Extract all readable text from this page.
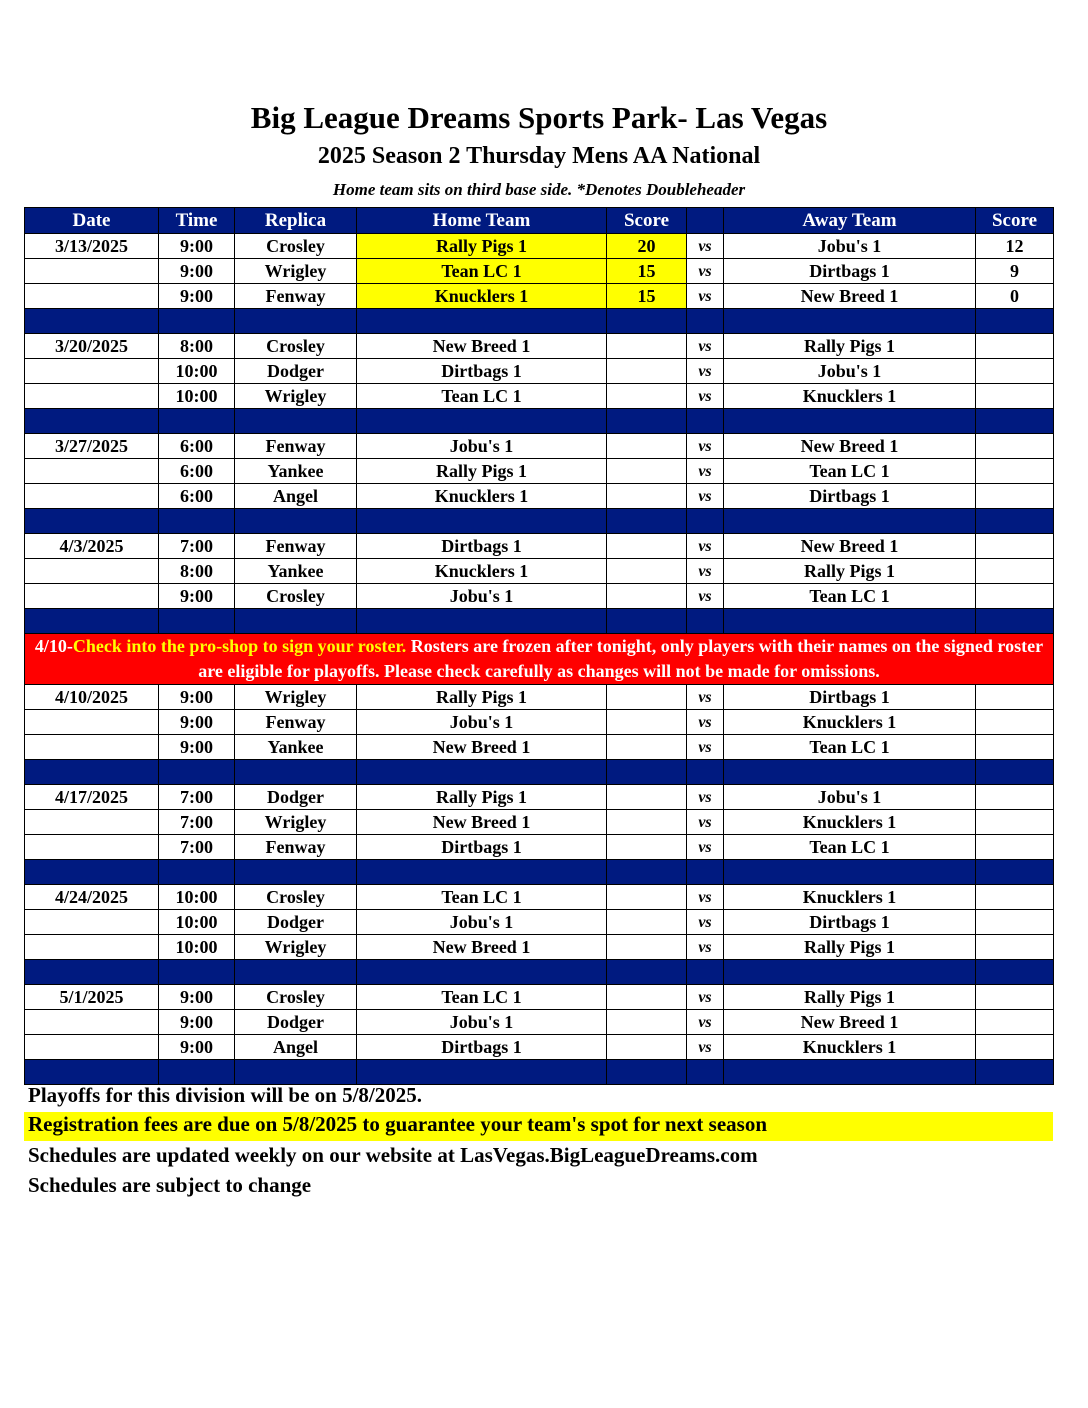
Big League Dreams Sports Park- Las Vegas
2025 Season 2 Thursday Mens AA National
Home team sits on third base side. *Denotes Doubleheader
Date	Time	Replica	Home Team	Score		Away Team	Score
3/13/2025	9:00	Crosley	Rally Pigs 1	20	vs	Jobu's 1	12
	9:00	Wrigley	Tean LC 1	15	vs	Dirtbags 1	9
	9:00	Fenway	Knucklers 1	15	vs	New Breed 1	0

3/20/2025	8:00	Crosley	New Breed 1		vs	Rally Pigs 1	
	10:00	Dodger	Dirtbags 1		vs	Jobu's 1	
	10:00	Wrigley	Tean LC 1		vs	Knucklers 1	

3/27/2025	6:00	Fenway	Jobu's 1		vs	New Breed 1	
	6:00	Yankee	Rally Pigs 1		vs	Tean LC 1	
	6:00	Angel	Knucklers 1		vs	Dirtbags 1	

4/3/2025	7:00	Fenway	Dirtbags 1		vs	New Breed 1	
	8:00	Yankee	Knucklers 1		vs	Rally Pigs 1	
	9:00	Crosley	Jobu's 1		vs	Tean LC 1	

4/10-Check into the pro-shop to sign your roster. Rosters are frozen after tonight, only players with their names on the signed roster are eligible for playoffs. Please check carefully as changes will not be made for omissions.							
4/10/2025	9:00	Wrigley	Rally Pigs 1		vs	Dirtbags 1	
	9:00	Fenway	Jobu's 1		vs	Knucklers 1	
	9:00	Yankee	New Breed 1		vs	Tean LC 1	

4/17/2025	7:00	Dodger	Rally Pigs 1		vs	Jobu's 1	
	7:00	Wrigley	New Breed 1		vs	Knucklers 1	
	7:00	Fenway	Dirtbags 1		vs	Tean LC 1	

4/24/2025	10:00	Crosley	Tean LC 1		vs	Knucklers 1	
	10:00	Dodger	Jobu's 1		vs	Dirtbags 1	
	10:00	Wrigley	New Breed 1		vs	Rally Pigs 1	

5/1/2025	9:00	Crosley	Tean LC 1		vs	Rally Pigs 1	
	9:00	Dodger	Jobu's 1		vs	New Breed 1	
	9:00	Angel	Dirtbags 1		vs	Knucklers 1	

Playoffs for this division will be on 5/8/2025.
Registration fees are due on 5/8/2025 to guarantee your team's spot for next season
Schedules are updated weekly on our website at LasVegas.BigLeagueDreams.com
Schedules are subject to change
